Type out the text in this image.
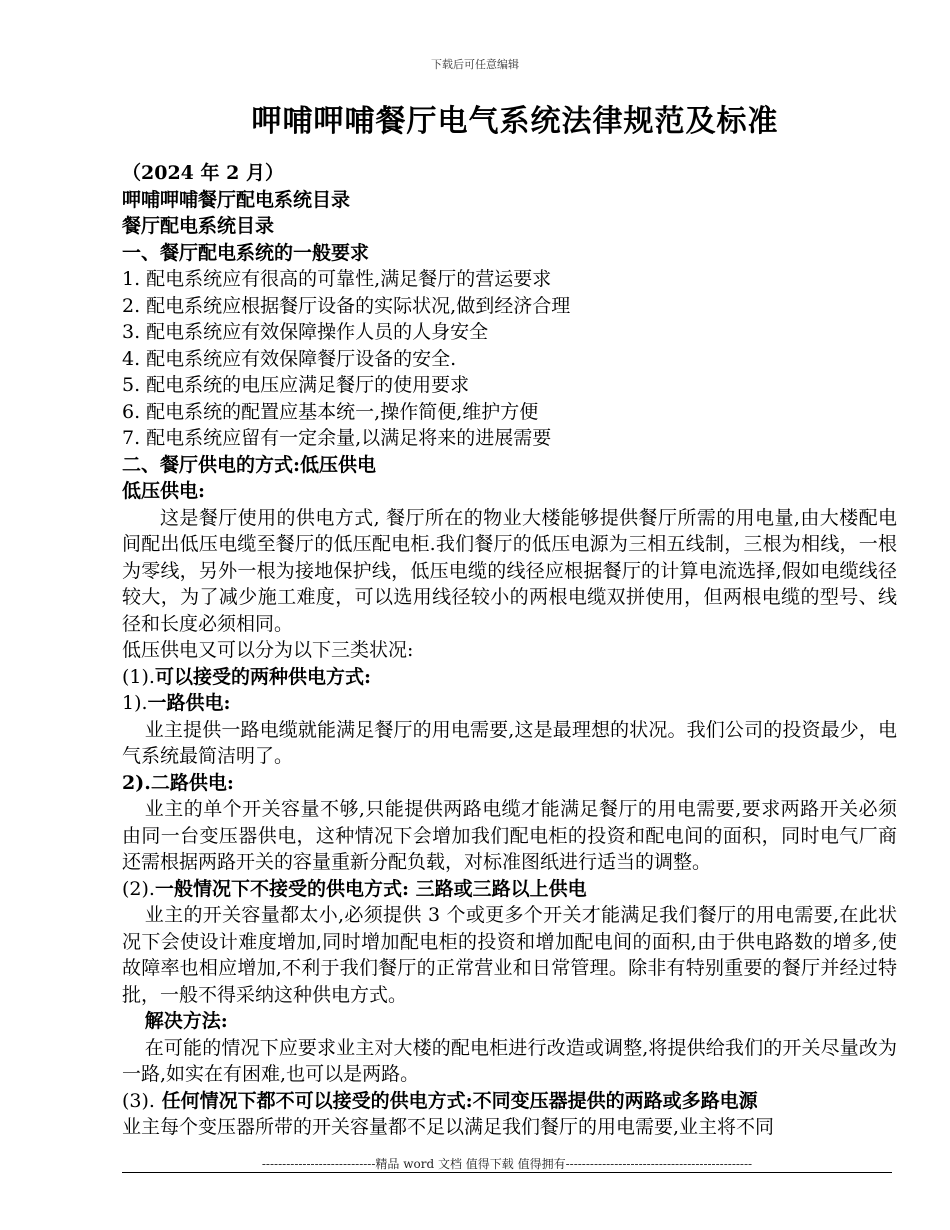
下载后可任意编辑
呷哺呷哺餐厅电气系统法律规范及标准
（2024 年 2 月）
呷哺呷哺餐厅配电系统目录
餐厅配电系统目录
一、餐厅配电系统的一般要求
1. 配电系统应有很高的可靠性,满足餐厅的营运要求
2. 配电系统应根据餐厅设备的实际状况,做到经济合理
3. 配电系统应有效保障操作人员的人身安全
4. 配电系统应有效保障餐厅设备的安全.
5. 配电系统的电压应满足餐厅的使用要求
6. 配电系统的配置应基本统一,操作简便,维护方便
7. 配电系统应留有一定余量,以满足将来的进展需要
二、餐厅供电的方式:低压供电
低压供电:
这是餐厅使用的供电方式, 餐厅所在的物业大楼能够提供餐厅所需的用电量,由大楼配电间配出低压电缆至餐厅的低压配电柜.我们餐厅的低压电源为三相五线制，三根为相线，一根为零线，另外一根为接地保护线，低压电缆的线径应根据餐厅的计算电流选择,假如电缆线径较大，为了减少施工难度，可以选用线径较小的两根电缆双拼使用，但两根电缆的型号、线径和长度必须相同。
低压供电又可以分为以下三类状况:
(1).可以接受的两种供电方式:
1).一路供电:
业主提供一路电缆就能满足餐厅的用电需要,这是最理想的状况。我们公司的投资最少，电气系统最简洁明了。
2).二路供电:
业主的单个开关容量不够,只能提供两路电缆才能满足餐厅的用电需要,要求两路开关必须由同一台变压器供电，这种情况下会增加我们配电柜的投资和配电间的面积，同时电气厂商还需根据两路开关的容量重新分配负载，对标准图纸进行适当的调整。
(2).一般情况下不接受的供电方式: 三路或三路以上供电
业主的开关容量都太小,必须提供 3 个或更多个开关才能满足我们餐厅的用电需要,在此状况下会使设计难度增加,同时增加配电柜的投资和增加配电间的面积,由于供电路数的增多,使故障率也相应增加,不利于我们餐厅的正常营业和日常管理。除非有特别重要的餐厅并经过特批，一般不得采纳这种供电方式。
解决方法:
在可能的情况下应要求业主对大楼的配电柜进行改造或调整,将提供给我们的开关尽量改为一路,如实在有困难,也可以是两路。
(3). 任何情况下都不可以接受的供电方式:不同变压器提供的两路或多路电源
业主每个变压器所带的开关容量都不足以满足我们餐厅的用电需要,业主将不同
----------------------------精品 word 文档 值得下载 值得拥有----------------------------------------------
